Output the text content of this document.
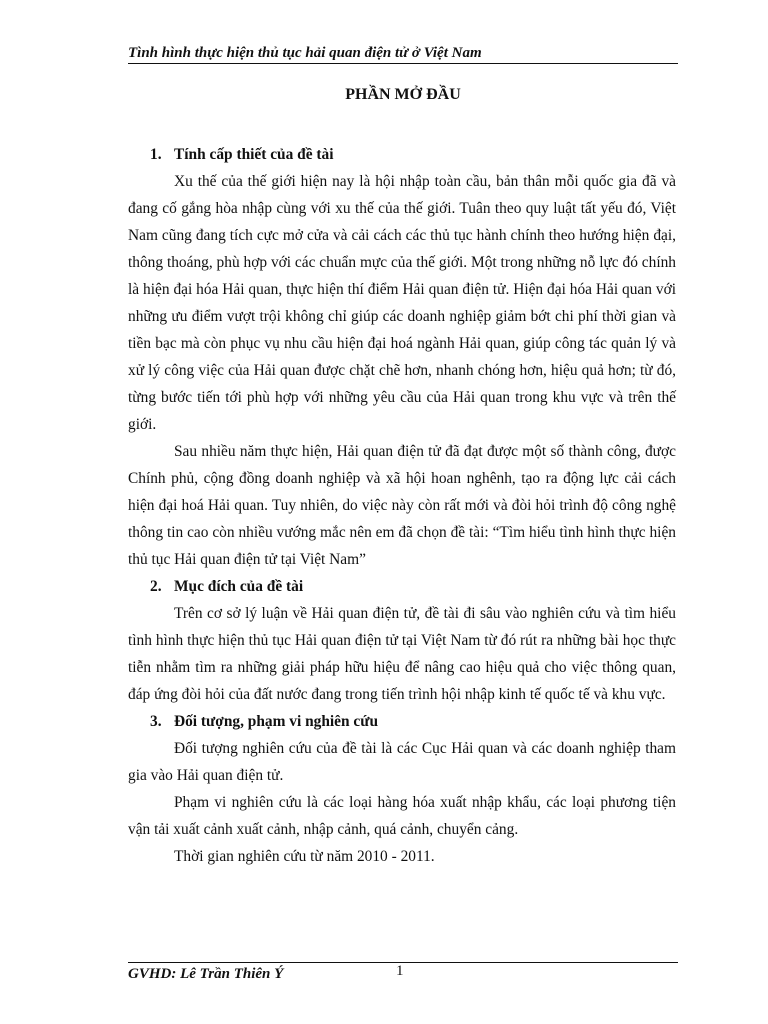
Tình hình thực hiện thủ tục hải quan điện tử ở Việt Nam
PHẦN MỞ ĐẦU
1. Tính cấp thiết của đề tài

Xu thế của thế giới hiện nay là hội nhập toàn cầu, bản thân mỗi quốc gia đã và đang cố gắng hòa nhập cùng với xu thế của thế giới. Tuân theo quy luật tất yếu đó, Việt Nam cũng đang tích cực mở cửa và cải cách các thủ tục hành chính theo hướng hiện đại, thông thoáng, phù hợp với các chuẩn mực của thế giới. Một trong những nỗ lực đó chính là hiện đại hóa Hải quan, thực hiện thí điểm Hải quan điện tử. Hiện đại hóa Hải quan với những ưu điểm vượt trội không chỉ giúp các doanh nghiệp giảm bớt chi phí thời gian và tiền bạc mà còn phục vụ nhu cầu hiện đại hoá ngành Hải quan, giúp công tác quản lý và xử lý công việc của Hải quan được chặt chẽ hơn, nhanh chóng hơn, hiệu quả hơn; từ đó, từng bước tiến tới phù hợp với những yêu cầu của Hải quan trong khu vực và trên thế giới.

Sau nhiều năm thực hiện, Hải quan điện tử đã đạt được một số thành công, được Chính phủ, cộng đồng doanh nghiệp và xã hội hoan nghênh, tạo ra động lực cải cách hiện đại hoá Hải quan. Tuy nhiên, do việc này còn rất mới và đòi hỏi trình độ công nghệ thông tin cao còn nhiều vướng mắc nên em đã chọn đề tài: “Tìm hiểu tình hình thực hiện thủ tục Hải quan điện tử tại Việt Nam”

2. Mục đích của đề tài

Trên cơ sở lý luận về Hải quan điện tử, đề tài đi sâu vào nghiên cứu và tìm hiểu tình hình thực hiện thủ tục Hải quan điện tử tại Việt Nam từ đó rút ra những bài học thực tiễn nhằm tìm ra những giải pháp hữu hiệu để nâng cao hiệu quả cho việc thông quan, đáp ứng đòi hỏi của đất nước đang trong tiến trình hội nhập kinh tế quốc tế và khu vực.

3. Đối tượng, phạm vi nghiên cứu

Đối tượng nghiên cứu của đề tài là các Cục Hải quan và các doanh nghiệp tham gia vào Hải quan điện tử.

Phạm vi nghiên cứu là các loại hàng hóa xuất nhập khẩu, các loại phương tiện vận tải xuất cảnh xuất cảnh, nhập cảnh, quá cảnh, chuyển cảng.

Thời gian nghiên cứu từ năm 2010 - 2011.

GVHD: Lê Trần Thiên Ý	1
